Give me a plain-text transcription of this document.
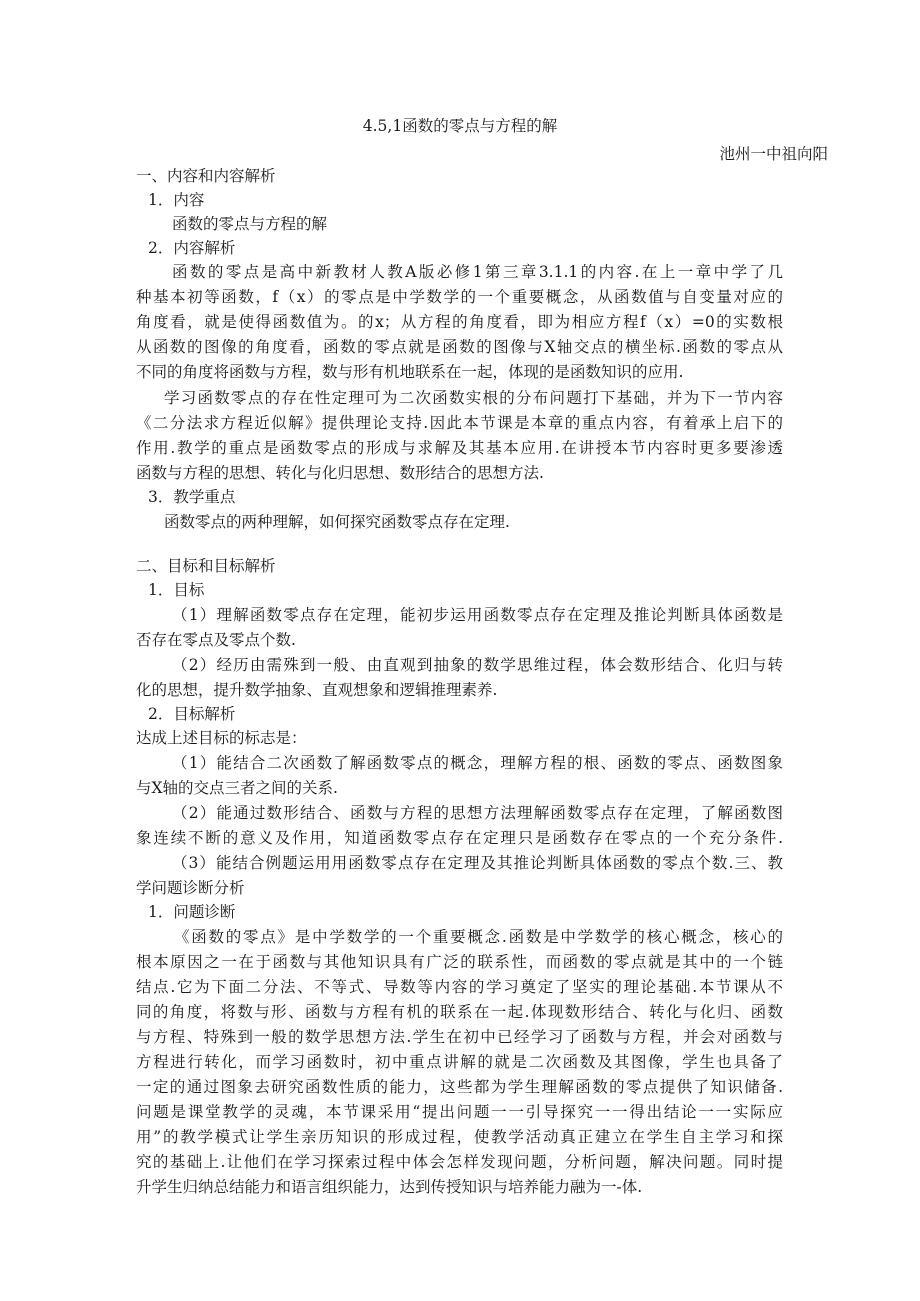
4.5,1函数的零点与方程的解
池州一中祖向阳
一、内容和内容解析
1．内容
函数的零点与方程的解
2．内容解析
函数的零点是高中新教材人教A版必修1第三章3.1.1的内容.在上一章中学了几
种基本初等函数，f（x）的零点是中学数学的一个重要概念，从函数值与自变量对应的
角度看，就是使得函数值为。的x；从方程的角度看，即为相应方程f（x）=0的实数根
从函数的图像的角度看，函数的零点就是函数的图像与X轴交点的横坐标.函数的零点从
不同的角度将函数与方程，数与形有机地联系在一起，体现的是函数知识的应用.
学习函数零点的存在性定理可为二次函数实根的分布问题打下基础，并为下一节内容
《二分法求方程近似解》提供理论支持.因此本节课是本章的重点内容，有着承上启下的
作用.教学的重点是函数零点的形成与求解及其基本应用.在讲授本节内容时更多要渗透
函数与方程的思想、转化与化归思想、数形结合的思想方法.
3．教学重点
函数零点的两种理解，如何探究函数零点存在定理.
二、目标和目标解析
1．目标
（1）理解函数零点存在定理，能初步运用函数零点存在定理及推论判断具体函数是
否存在零点及零点个数.
（2）经历由需殊到一般、由直观到抽象的数学思维过程，体会数形结合、化归与转
化的思想，提升数学抽象、直观想象和逻辑推理素养.
2．目标解析
达成上述目标的标志是：
（1）能结合二次函数了解函数零点的概念，理解方程的根、函数的零点、函数图象
与X轴的交点三者之间的关系.
（2）能通过数形结合、函数与方程的思想方法理解函数零点存在定理，了解函数图
象连续不断的意义及作用，知道函数零点存在定理只是函数存在零点的一个充分条件.
（3）能结合例题运用用函数零点存在定理及其推论判断具体函数的零点个数.三、教
学问题诊断分析
1．问题诊断
《函数的零点》是中学数学的一个重要概念.函数是中学数学的核心概念，核心的
根本原因之一在于函数与其他知识具有广泛的联系性，而函数的零点就是其中的一个链
结点.它为下面二分法、不等式、导数等内容的学习奠定了坚实的理论基础.本节课从不
同的角度，将数与形、函数与方程有机的联系在一起.体现数形结合、转化与化归、函数
与方程、特殊到一般的数学思想方法.学生在初中已经学习了函数与方程，并会对函数与
方程进行转化，而学习函数时，初中重点讲解的就是二次函数及其图像，学生也具备了
一定的通过图象去研究函数性质的能力，这些都为学生理解函数的零点提供了知识储备.
问题是课堂教学的灵魂，本节课采用“提出问题一一引导探究一一得出结论一一实际应
用”的教学模式让学生亲历知识的形成过程，使教学活动真正建立在学生自主学习和探
究的基础上.让他们在学习探索过程中体会怎样发现问题，分析问题，解决问题。同时提
升学生归纳总结能力和语言组织能力，达到传授知识与培养能力融为一-体.
